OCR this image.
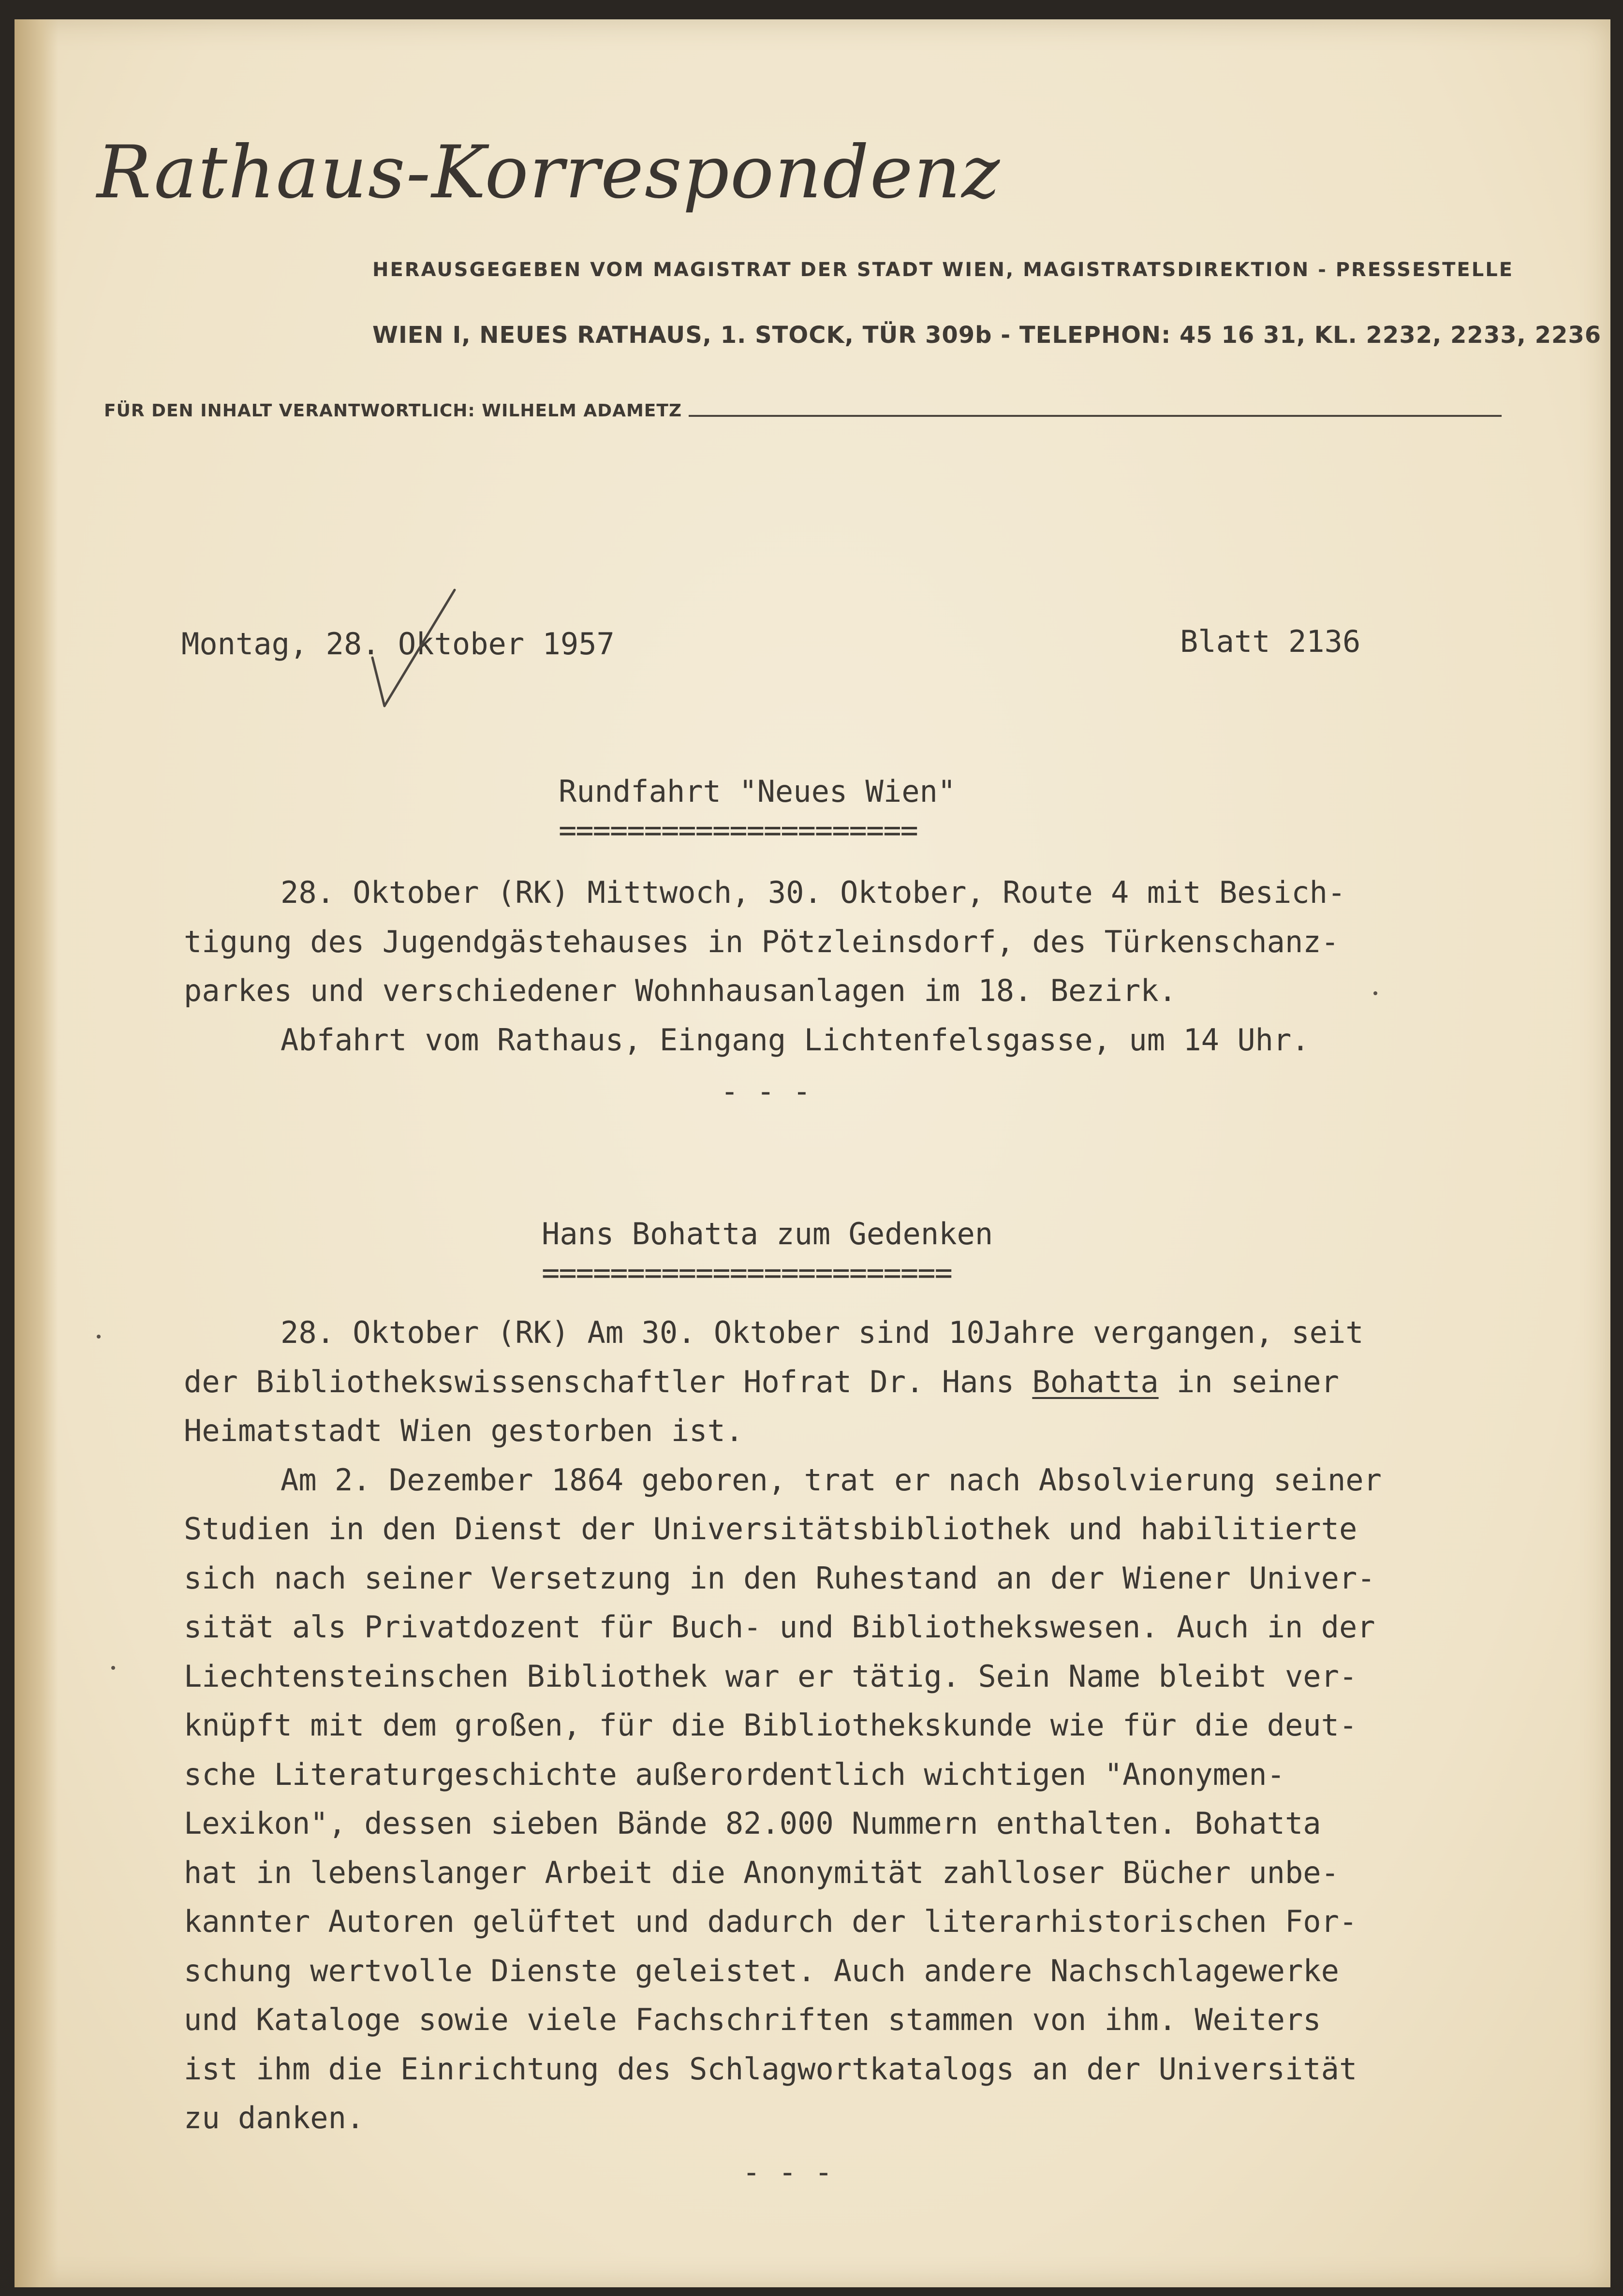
Rathaus-Korrespondenz
HERAUSGEGEBEN VOM MAGISTRAT DER STADT WIEN, MAGISTRATSDIREKTION - PRESSESTELLE
WIEN I, NEUES RATHAUS, 1. STOCK, TÜR 309b - TELEPHON: 45 16 31, KL. 2232, 2233, 2236
FÜR DEN INHALT VERANTWORTLICH: WILHELM ADAMETZ
Montag, 28. Oktober 1957	Blatt 2136
Rundfahrt "Neues Wien"
=====================
28. Oktober (RK) Mittwoch, 30. Oktober, Route 4 mit Besich-
tigung des Jugendgästehauses in Pötzleinsdorf, des Türkenschanz-
parkes und verschiedener Wohnhausanlagen im 18. Bezirk.
Abfahrt vom Rathaus, Eingang Lichtenfelsgasse, um 14 Uhr.
- - -
Hans Bohatta zum Gedenken
========================
28. Oktober (RK) Am 30. Oktober sind 10Jahre vergangen, seit
der Bibliothekswissenschaftler Hofrat Dr. Hans Bohatta in seiner
Heimatstadt Wien gestorben ist.
Am 2. Dezember 1864 geboren, trat er nach Absolvierung seiner
Studien in den Dienst der Universitätsbibliothek und habilitierte
sich nach seiner Versetzung in den Ruhestand an der Wiener Univer-
sität als Privatdozent für Buch- und Bibliothekswesen. Auch in der
Liechtensteinschen Bibliothek war er tätig. Sein Name bleibt ver-
knüpft mit dem großen, für die Bibliothekskunde wie für die deut-
sche Literaturgeschichte außerordentlich wichtigen "Anonymen-
Lexikon", dessen sieben Bände 82.000 Nummern enthalten. Bohatta
hat in lebenslanger Arbeit die Anonymität zahlloser Bücher unbe-
kannter Autoren gelüftet und dadurch der literarhistorischen For-
schung wertvolle Dienste geleistet. Auch andere Nachschlagewerke
und Kataloge sowie viele Fachschriften stammen von ihm. Weiters
ist ihm die Einrichtung des Schlagwortkatalogs an der Universität
zu danken.
- - -
